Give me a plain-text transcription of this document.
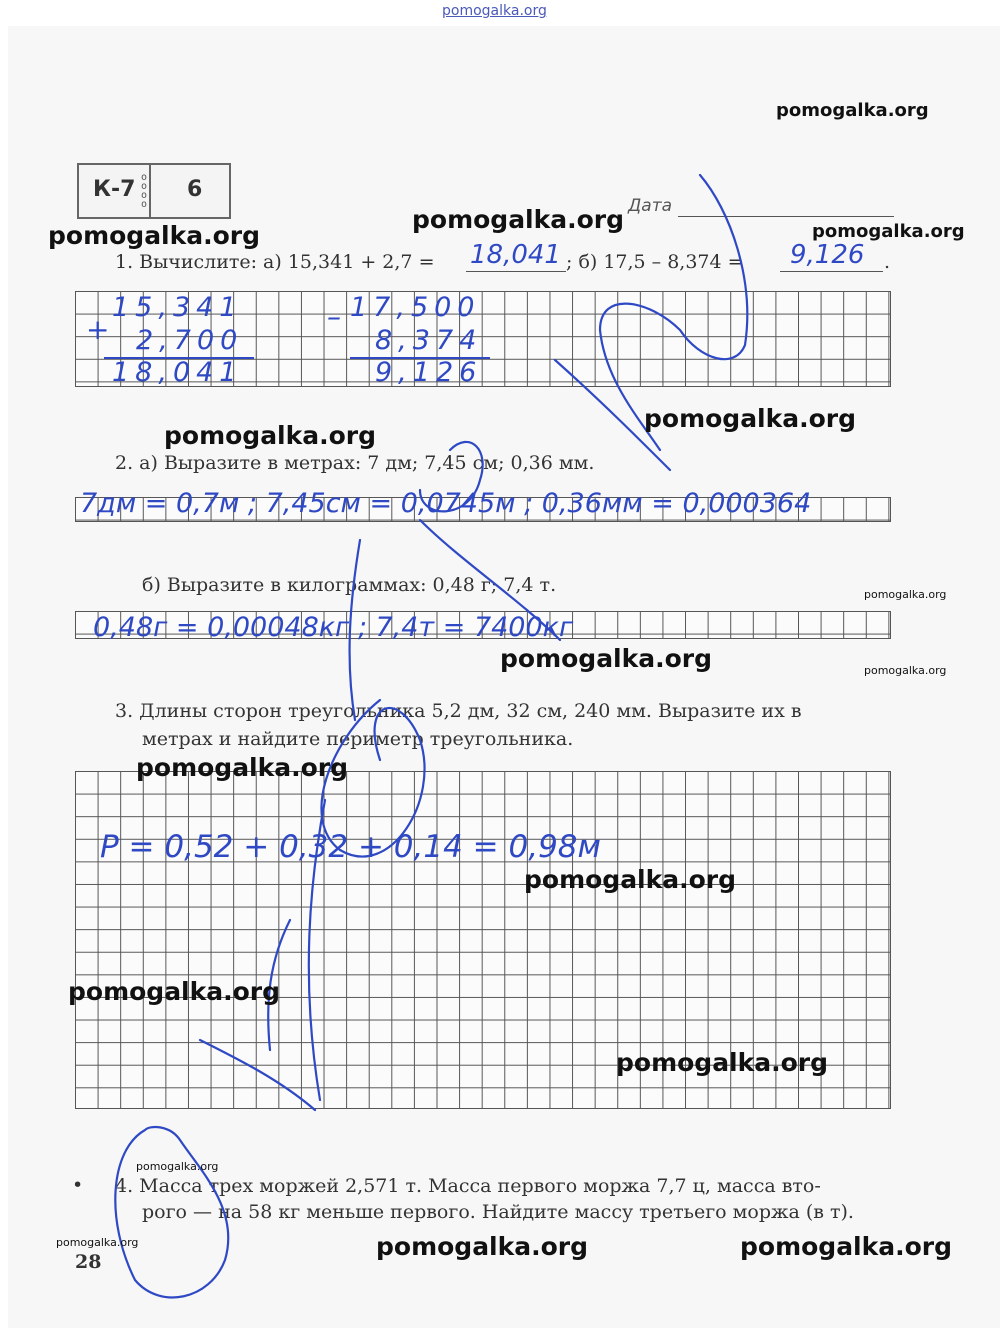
pomogalka.org
o
o
o
o
К-7 6
Дата
1. Вычислите: а) 15,341 + 2,7 = 18,041 ; б) 17,5 – 8,374 = 9,126 .
+
15,341
2,700
18,041
– 17,500
8,374
9,126
2. а) Выразите в метрах: 7 дм; 7,45 см; 0,36 мм.
7дм = 0,7м ; 7,45см = 0,0745м ; 0,36мм = 0,000364
б) Выразите в килограммах: 0,48 г; 7,4 т.
0,48г = 0,00048кг ; 7,4т = 7400кг
3. Длины сторон треугольника 5,2 дм, 32 см, 240 мм. Выразите их в
метрах и найдите периметр треугольника.
P = 0,52 + 0,32 + 0,14 = 0,98м
• 4. Масса трех моржей 2,571 т. Масса первого моржа 7,7 ц, масса вто-
рого — на 58 кг меньше первого. Найдите массу третьего моржа (в т).
28
pomogalka.org
pomogalka.org
pomogalka.org	pomogalka.org
pomogalka.org
pomogalka.org
pomogalka.org
pomogalka.org	pomogalka.org
pomogalka.org
pomogalka.org
pomogalka.org
pomogalka.org
pomogalka.org
pomogalka.org	pomogalka.org	pomogalka.org
